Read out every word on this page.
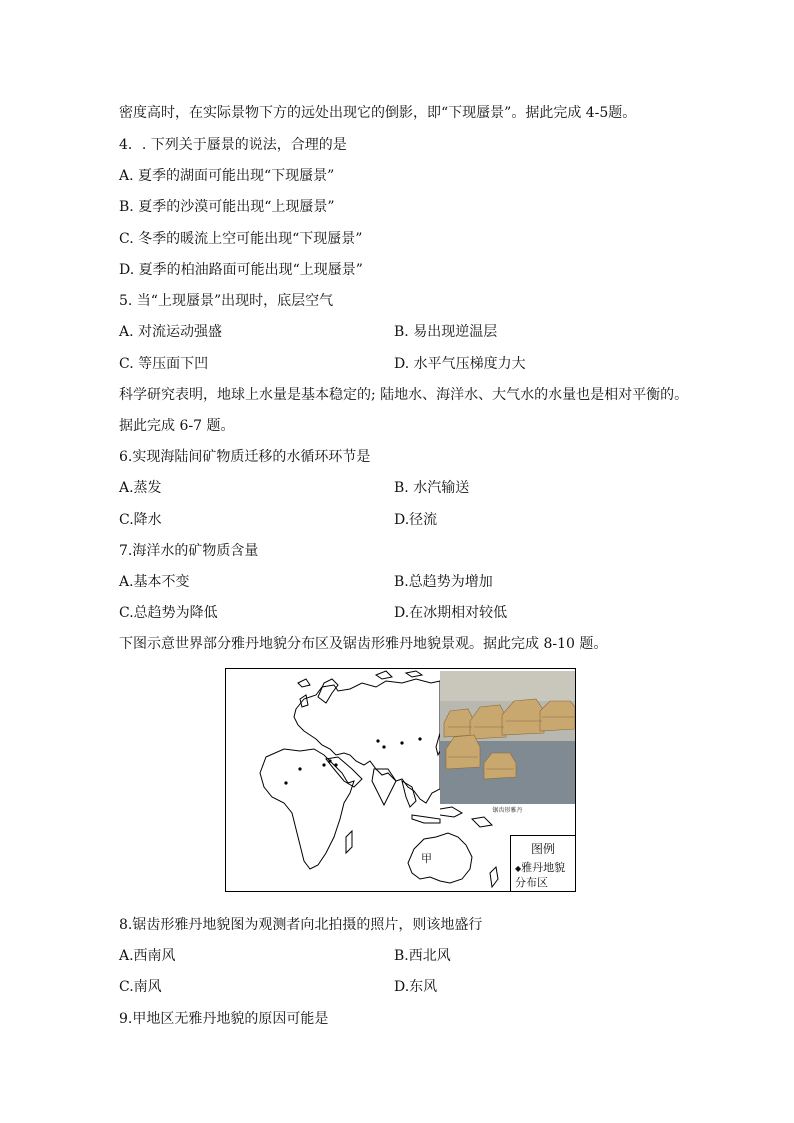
密度高时，在实际景物下方的远处出现它的倒影，即“下现蜃景”。据此完成 4-5题。
4．. 下列关于蜃景的说法，合理的是
A. 夏季的湖面可能出现“下现蜃景”
B. 夏季的沙漠可能出现“上现蜃景”
C. 冬季的暖流上空可能出现“下现蜃景”
D. 夏季的柏油路面可能出现“上现蜃景”
5. 当“上现蜃景”出现时，底层空气
A. 对流运动强盛	B. 易出现逆温层
C. 等压面下凹	D. 水平气压梯度力大
科学研究表明，地球上水量是基本稳定的; 陆地水、海洋水、大气水的水量也是相对平衡的。
据此完成 6-7 题。
6.实现海陆间矿物质迁移的水循环环节是
A.蒸发	B. 水汽输送
C.降水	D.径流
7.海洋水的矿物质含量
A.基本不变	B.总趋势为增加
C.总趋势为降低	D.在冰期相对较低
下图示意世界部分雅丹地貌分布区及锯齿形雅丹地貌景观。据此完成 8-10 题。
锯齿形雅丹
甲
图例
◆雅丹地貌分布区
8.锯齿形雅丹地貌图为观测者向北拍摄的照片，则该地盛行
A.西南风	B.西北风
C.南风	D.东风
9.甲地区无雅丹地貌的原因可能是
